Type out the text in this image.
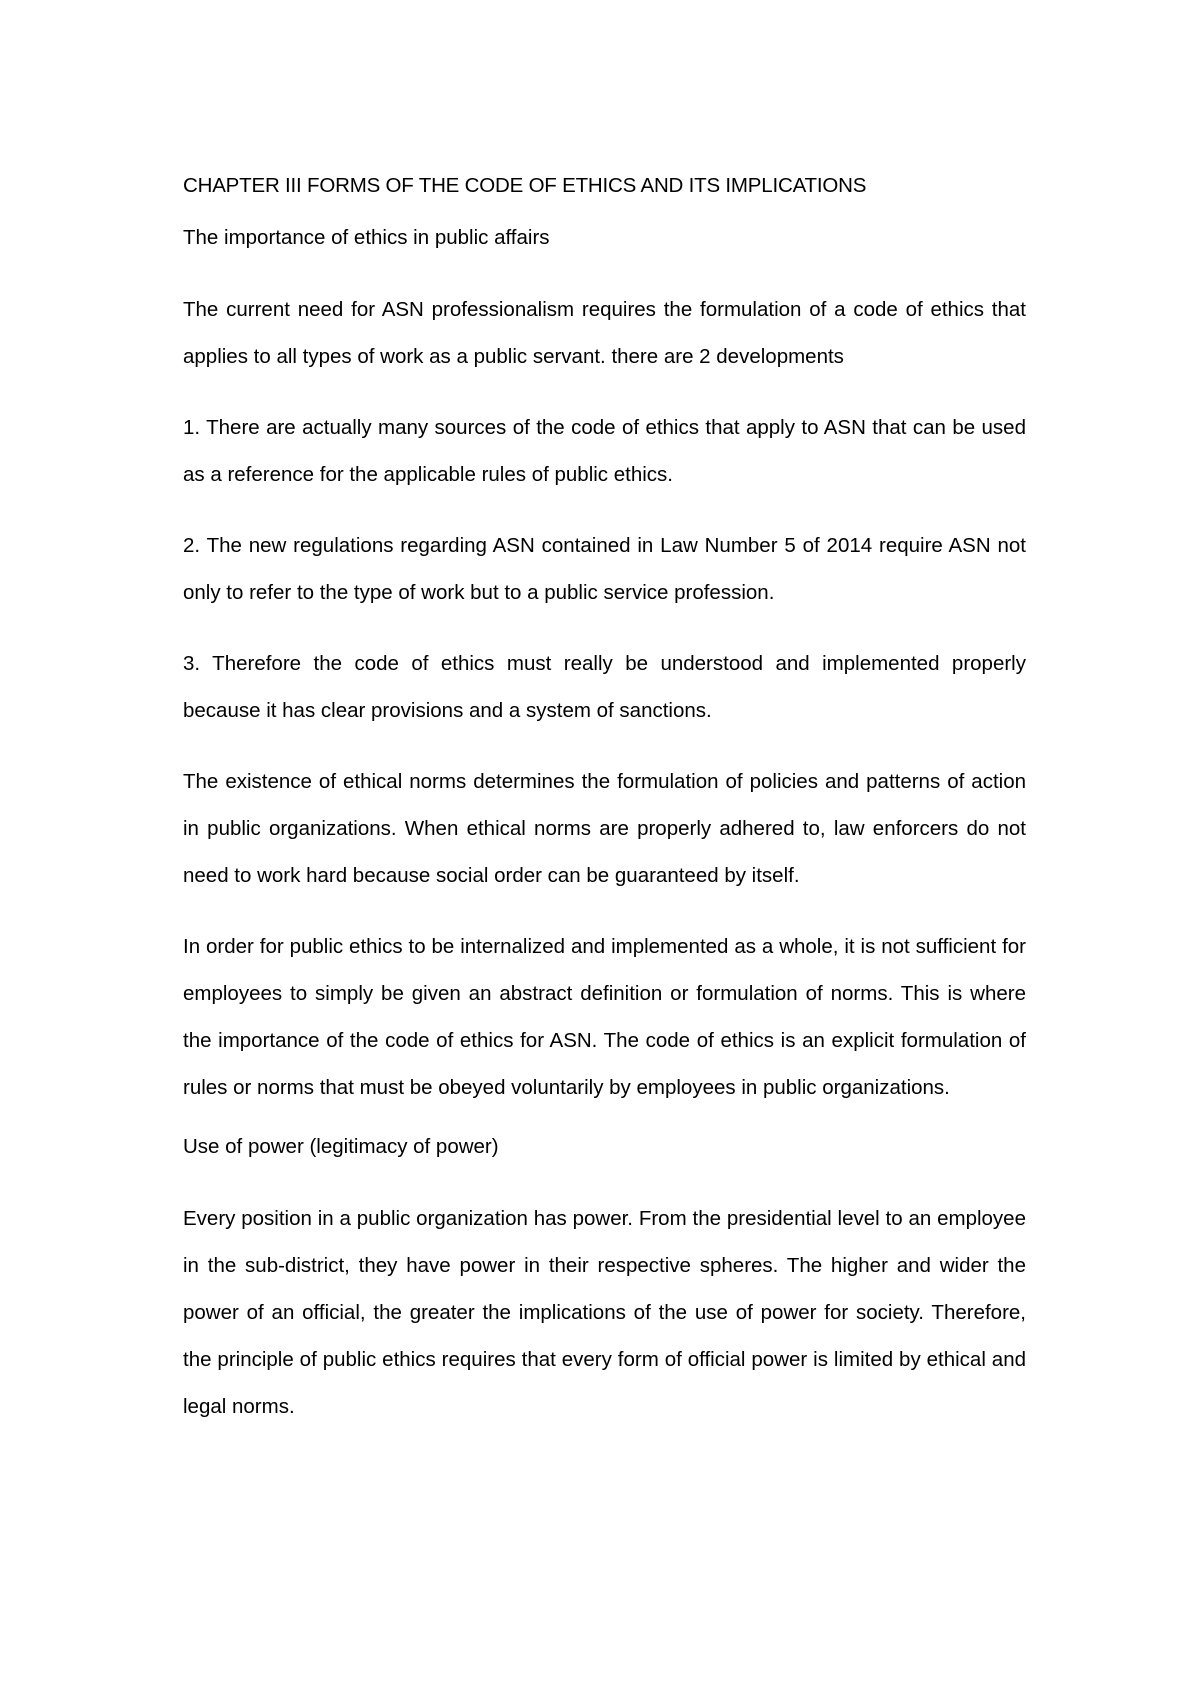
CHAPTER III FORMS OF THE CODE OF ETHICS AND ITS IMPLICATIONS

The importance of ethics in public affairs

The current need for ASN professionalism requires the formulation of a code of ethics that applies to all types of work as a public servant. there are 2 developments

1. There are actually many sources of the code of ethics that apply to ASN that can be used as a reference for the applicable rules of public ethics.

2. The new regulations regarding ASN contained in Law Number 5 of 2014 require ASN not only to refer to the type of work but to a public service profession.

3. Therefore the code of ethics must really be understood and implemented properly because it has clear provisions and a system of sanctions.

The existence of ethical norms determines the formulation of policies and patterns of action in public organizations. When ethical norms are properly adhered to, law enforcers do not need to work hard because social order can be guaranteed by itself.

In order for public ethics to be internalized and implemented as a whole, it is not sufficient for employees to simply be given an abstract definition or formulation of norms. This is where the importance of the code of ethics for ASN. The code of ethics is an explicit formulation of rules or norms that must be obeyed voluntarily by employees in public organizations.

Use of power (legitimacy of power)

Every position in a public organization has power. From the presidential level to an employee in the sub-district, they have power in their respective spheres. The higher and wider the power of an official, the greater the implications of the use of power for society. Therefore, the principle of public ethics requires that every form of official power is limited by ethical and legal norms.
